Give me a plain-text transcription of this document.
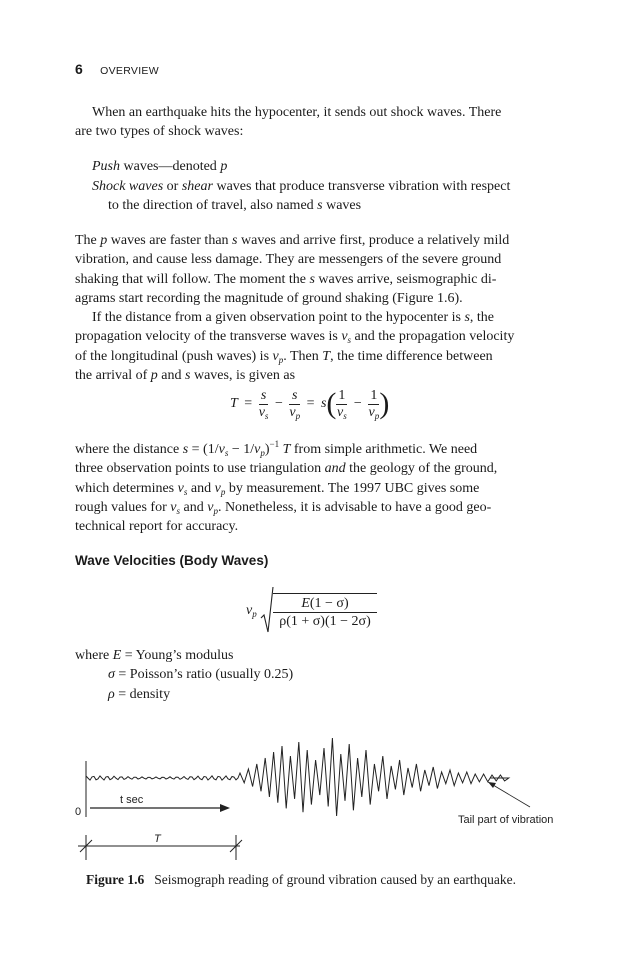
6 OVERVIEW

When an earthquake hits the hypocenter, it sends out shock waves. There
are two types of shock waves:

Push waves—denoted p
Shock waves or shear waves that produce transverse vibration with respect
to the direction of travel, also named s waves

The p waves are faster than s waves and arrive first, produce a relatively mild
vibration, and cause less damage. They are messengers of the severe ground
shaking that will follow. The moment the s waves arrive, seismographic di-
agrams start recording the magnitude of ground shaking (Figure 1.6).

If the distance from a given observation point to the hypocenter is s, the
propagation velocity of the transverse waves is $v_s$ and the propagation velocity
of the longitudinal (push waves) is $v_p$. Then T, the time difference between
the arrival of p and s waves, is given as

$T = \frac{s}{v_s} - \frac{s}{v_p} = s( \frac{1}{v_s} - \frac{1}{v_p}$ )

where the distance $s = (1/v_s - 1/v_p)^{-1}$ T from simple arithmetic. We need
three observation points to use triangulation and the geology of the ground,
which determines $v_s$ and $v_p$ by measurement. The 1997 UBC gives some
rough values for $v_s$ and $v_p$. Nonetheless, it is advisable to have a good geo-
technical report for accuracy.

Wave Velocities (Body Waves)
$v_p \frac{E(1 - \sigma)}{\rho(1 + \sigma)(1 - 2\sigma)}$
where E = Young’s modulus
σ = Poisson’s ratio (usually 0.25)
ρ = density
t sec
0
T
Tail part of vibration
Figure 1.6 Seismograph reading of ground vibration caused by an earthquake.
